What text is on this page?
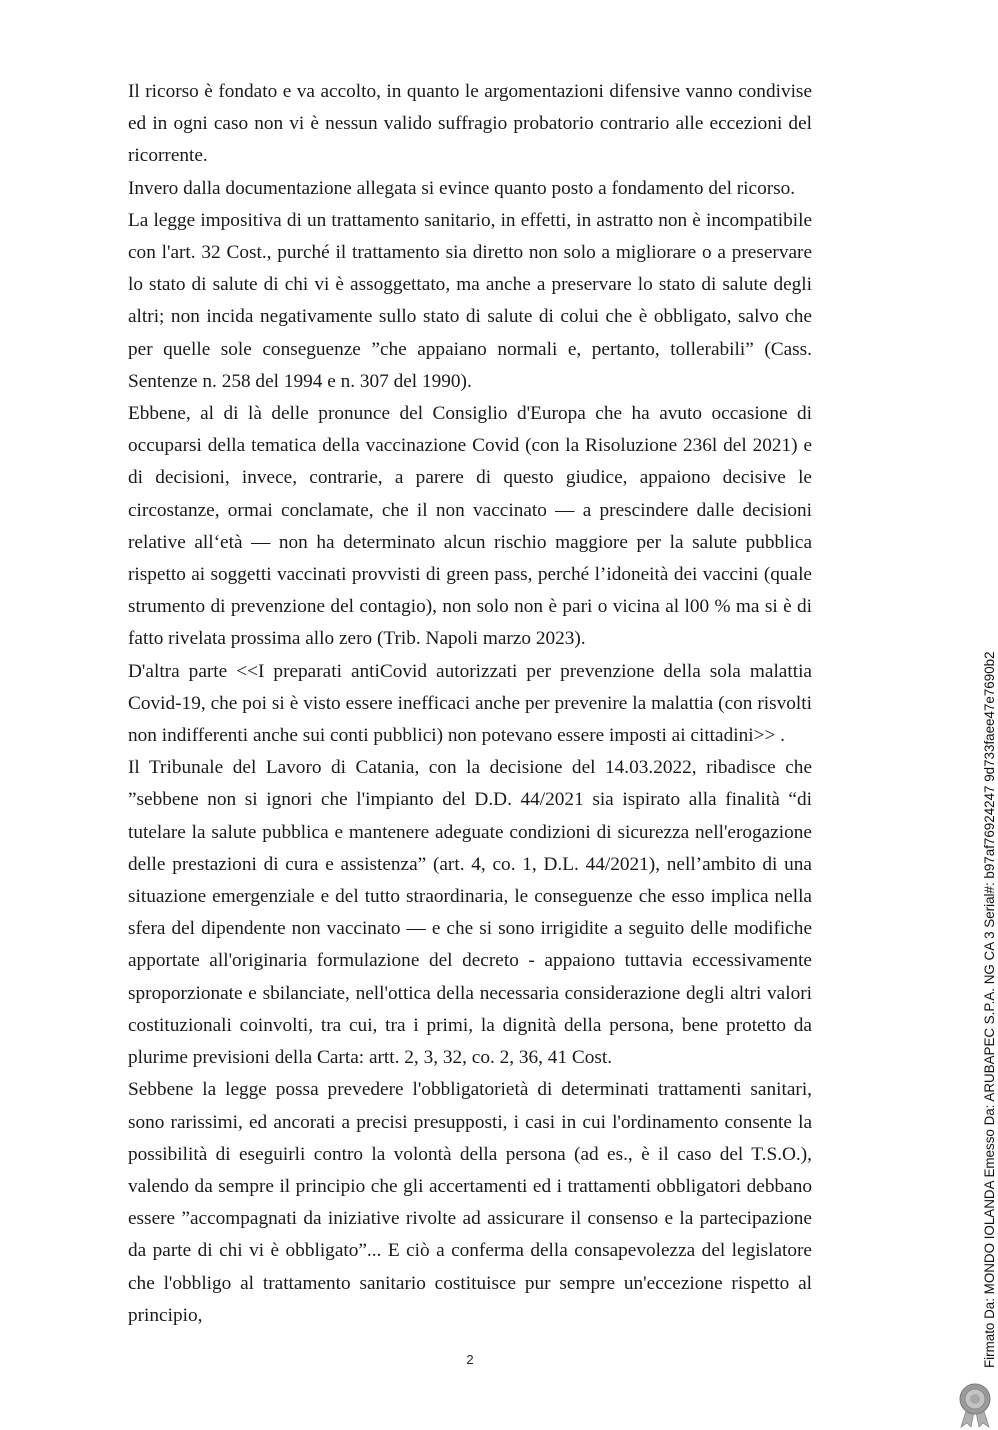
Il ricorso è fondato e va accolto, in quanto le argomentazioni difensive vanno condivise ed in ogni caso non vi è nessun valido suffragio probatorio contrario alle eccezioni del ricorrente.

Invero dalla documentazione allegata si evince quanto posto a fondamento del ricorso.

La legge impositiva di un trattamento sanitario, in effetti, in astratto non è incompatibile con l'art. 32 Cost., purché il trattamento sia diretto non solo a migliorare o a preservare lo stato di salute di chi vi è assoggettato, ma anche a preservare lo stato di salute degli altri; non incida negativamente sullo stato di salute di colui che è obbligato, salvo che per quelle sole conseguenze ”che appaiano normali e, pertanto, tollerabili” (Cass. Sentenze n. 258 del 1994 e n. 307 del 1990).

Ebbene, al di là delle pronunce del Consiglio d'Europa che ha avuto occasione di occuparsi della tematica della vaccinazione Covid (con la Risoluzione 236l del 2021) e di decisioni, invece, contrarie, a parere di questo giudice, appaiono decisive le circostanze, ormai conclamate, che il non vaccinato — a prescindere dalle decisioni relative all‘età — non ha determinato alcun rischio maggiore per la salute pubblica rispetto ai soggetti vaccinati provvisti di green pass, perché l’idoneità dei vaccini (quale strumento di prevenzione del contagio), non solo non è pari o vicina al l00 % ma si è di fatto rivelata prossima allo zero (Trib. Napoli marzo 2023).

D'altra parte <<I preparati antiCovid autorizzati per prevenzione della sola malattia Covid-19, che poi si è visto essere inefficaci anche per prevenire la malattia (con risvolti non indifferenti anche sui conti pubblici) non potevano essere imposti ai cittadini>> .

Il Tribunale del Lavoro di Catania, con la decisione del 14.03.2022, ribadisce che ”sebbene non si ignori che l'impianto del D.D. 44/2021 sia ispirato alla finalità “di tutelare la salute pubblica e mantenere adeguate condizioni di sicurezza nell'erogazione delle prestazioni di cura e assistenza” (art. 4, co. 1, D.L. 44/2021), nell’ambito di una situazione emergenziale e del tutto straordinaria, le conseguenze che esso implica nella sfera del dipendente non vaccinato — e che si sono irrigidite a seguito delle modifiche apportate all'originaria formulazione del decreto - appaiono tuttavia eccessivamente sproporzionate e sbilanciate, nell'ottica della necessaria considerazione degli altri valori costituzionali coinvolti, tra cui, tra i primi, la dignità della persona, bene protetto da plurime previsioni della Carta: artt. 2, 3, 32, co. 2, 36, 41 Cost.

Sebbene la legge possa prevedere l'obbligatorietà di determinati trattamenti sanitari, sono rarissimi, ed ancorati a precisi presupposti, i casi in cui l'ordinamento consente la possibilità di eseguirli contro la volontà della persona (ad es., è il caso del T.S.O.), valendo da sempre il principio che gli accertamenti ed i trattamenti obbligatori debbano essere ”accompagnati da iniziative rivolte ad assicurare il consenso e la partecipazione da parte di chi vi è obbligato”... E ciò a conferma della consapevolezza del legislatore che l'obbligo al trattamento sanitario costituisce pur sempre un'eccezione rispetto al principio,

2	Firmato Da: MONDO IOLANDA Emesso Da: ARUBAPEC S.P.A. NG CA 3 Serial#: b97af76924247 9d733faee47e7690b2
